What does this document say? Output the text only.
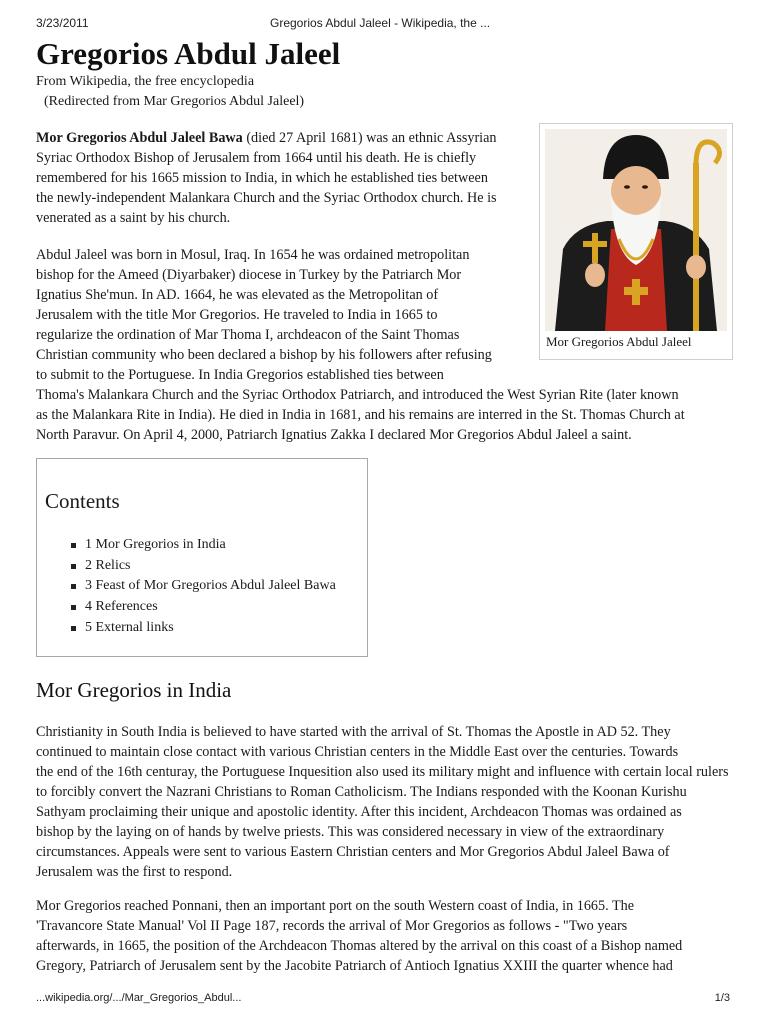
3/23/2011	Gregorios Abdul Jaleel - Wikipedia, the ...
Gregorios Abdul Jaleel
From Wikipedia, the free encyclopedia
(Redirected from Mar Gregorios Abdul Jaleel)

Mor Gregorios Abdul Jaleel Bawa (died 27 April 1681) was an ethnic Assyrian Syriac Orthodox Bishop of Jerusalem from 1664 until his death. He is chiefly remembered for his 1665 mission to India, in which he established ties between the newly-independent Malankara Church and the Syriac Orthodox church. He is venerated as a saint by his church.

Abdul Jaleel was born in Mosul, Iraq. In 1654 he was ordained metropolitan
bishop for the Ameed (Diyarbaker) diocese in Turkey by the Patriarch Mor
Ignatius She'mun. In AD. 1664, he was elevated as the Metropolitan of
Jerusalem with the title Mor Gregorios. He traveled to India in 1665 to
regularize the ordination of Mar Thoma I, archdeacon of the Saint Thomas
Christian community who been declared a bishop by his followers after refusing
to submit to the Portuguese. In India Gregorios established ties between
Thoma's Malankara Church and the Syriac Orthodox Patriarch, and introduced the West Syrian Rite (later known
as the Malankara Rite in India). He died in India in 1681, and his remains are interred in the St. Thomas Church at
North Paravur. On April 4, 2000, Patriarch Ignatius Zakka I declared Mor Gregorios Abdul Jaleel a saint.
Mor Gregorios Abdul Jaleel
Contents
1 Mor Gregorios in India
2 Relics
3 Feast of Mor Gregorios Abdul Jaleel Bawa
4 References
5 External links
Mor Gregorios in India
Christianity in South India is believed to have started with the arrival of St. Thomas the Apostle in AD 52. They
continued to maintain close contact with various Christian centers in the Middle East over the centuries. Towards
the end of the 16th centuray, the Portuguese Inquesition also used its military might and influence with certain local rulers
to forcibly convert the Nazrani Christians to Roman Catholicism. The Indians responded with the Koonan Kurishu
Sathyam proclaiming their unique and apostolic identity. After this incident, Archdeacon Thomas was ordained as
bishop by the laying on of hands by twelve priests. This was considered necessary in view of the extraordinary
circumstances. Appeals were sent to various Eastern Christian centers and Mor Gregorios Abdul Jaleel Bawa of
Jerusalem was the first to respond.
Mor Gregorios reached Ponnani, then an important port on the south Western coast of India, in 1665. The
'Travancore State Manual' Vol II Page 187, records the arrival of Mor Gregorios as follows - "Two years
afterwards, in 1665, the position of the Archdeacon Thomas altered by the arrival on this coast of a Bishop named
Gregory, Patriarch of Jerusalem sent by the Jacobite Patriarch of Antioch Ignatius XXIII the quarter whence had
...wikipedia.org/.../Mar_Gregorios_Abdul...	1/3
